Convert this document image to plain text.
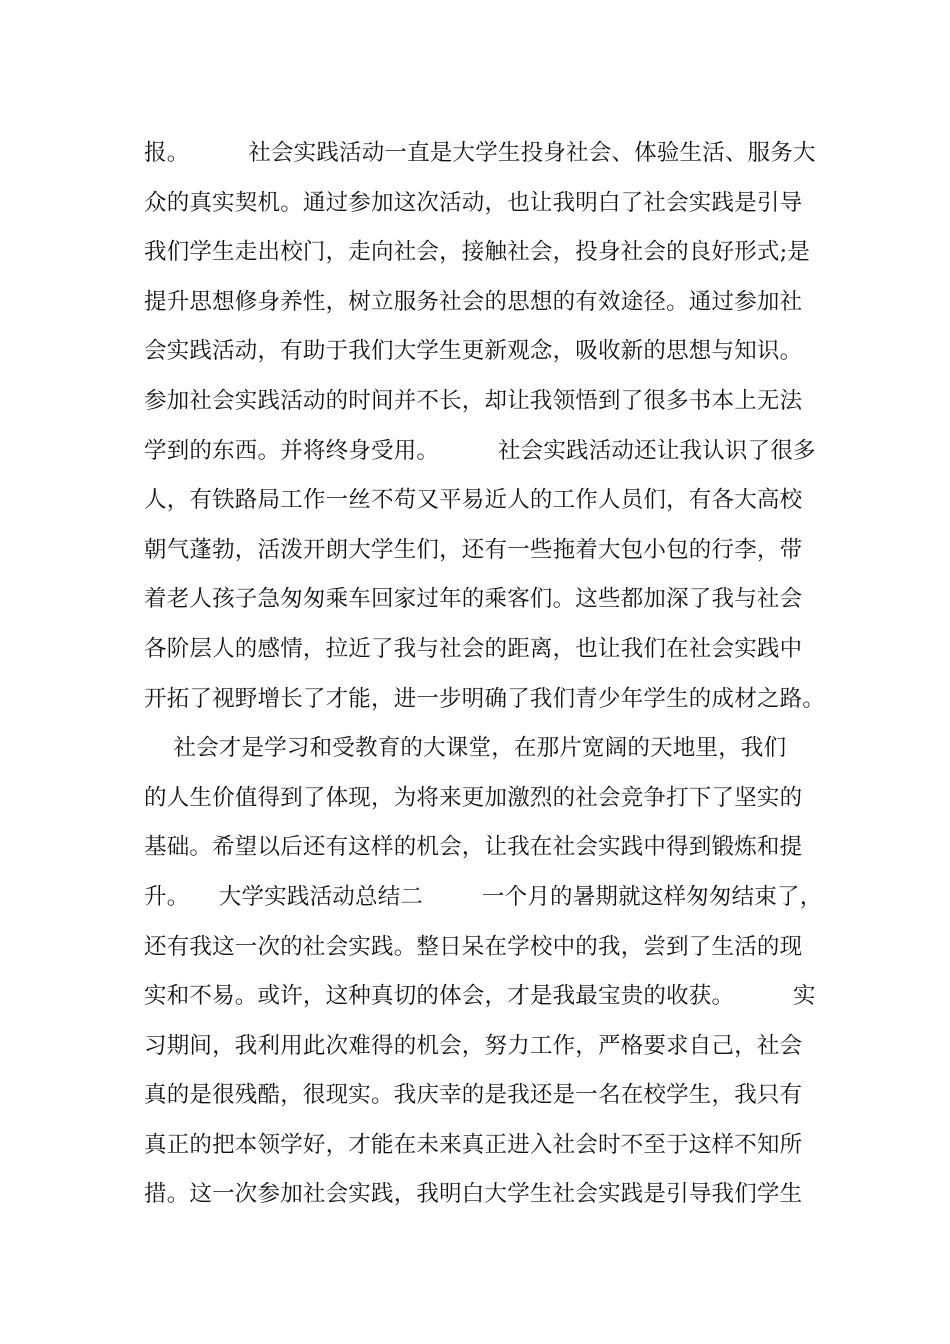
报。        社会实践活动一直是大学生投身社会、体验生活、服务大
众的真实契机。通过参加这次活动，也让我明白了社会实践是引导
我们学生走出校门，走向社会，接触社会，投身社会的良好形式;是
提升思想修身养性，树立服务社会的思想的有效途径。通过参加社
会实践活动，有助于我们大学生更新观念，吸收新的思想与知识。
参加社会实践活动的时间并不长，却让我领悟到了很多书本上无法
学到的东西。并将终身受用。        社会实践活动还让我认识了很多
人，有铁路局工作一丝不苟又平易近人的工作人员们，有各大高校
朝气蓬勃，活泼开朗大学生们，还有一些拖着大包小包的行李，带
着老人孩子急匆匆乘车回家过年的乘客们。这些都加深了我与社会
各阶层人的感情，拉近了我与社会的距离，也让我们在社会实践中
开拓了视野增长了才能，进一步明确了我们青少年学生的成材之路。
社会才是学习和受教育的大课堂，在那片宽阔的天地里，我们
的人生价值得到了体现，为将来更加激烈的社会竞争打下了坚实的
基础。希望以后还有这样的机会，让我在社会实践中得到锻炼和提
升。    大学实践活动总结二        一个月的暑期就这样匆匆结束了，
还有我这一次的社会实践。整日呆在学校中的我，尝到了生活的现
实和不易。或许，这种真切的体会，才是我最宝贵的收获。        实
习期间，我利用此次难得的机会，努力工作，严格要求自己，社会
真的是很残酷，很现实。我庆幸的是我还是一名在校学生，我只有
真正的把本领学好，才能在未来真正进入社会时不至于这样不知所
措。这一次参加社会实践，我明白大学生社会实践是引导我们学生
